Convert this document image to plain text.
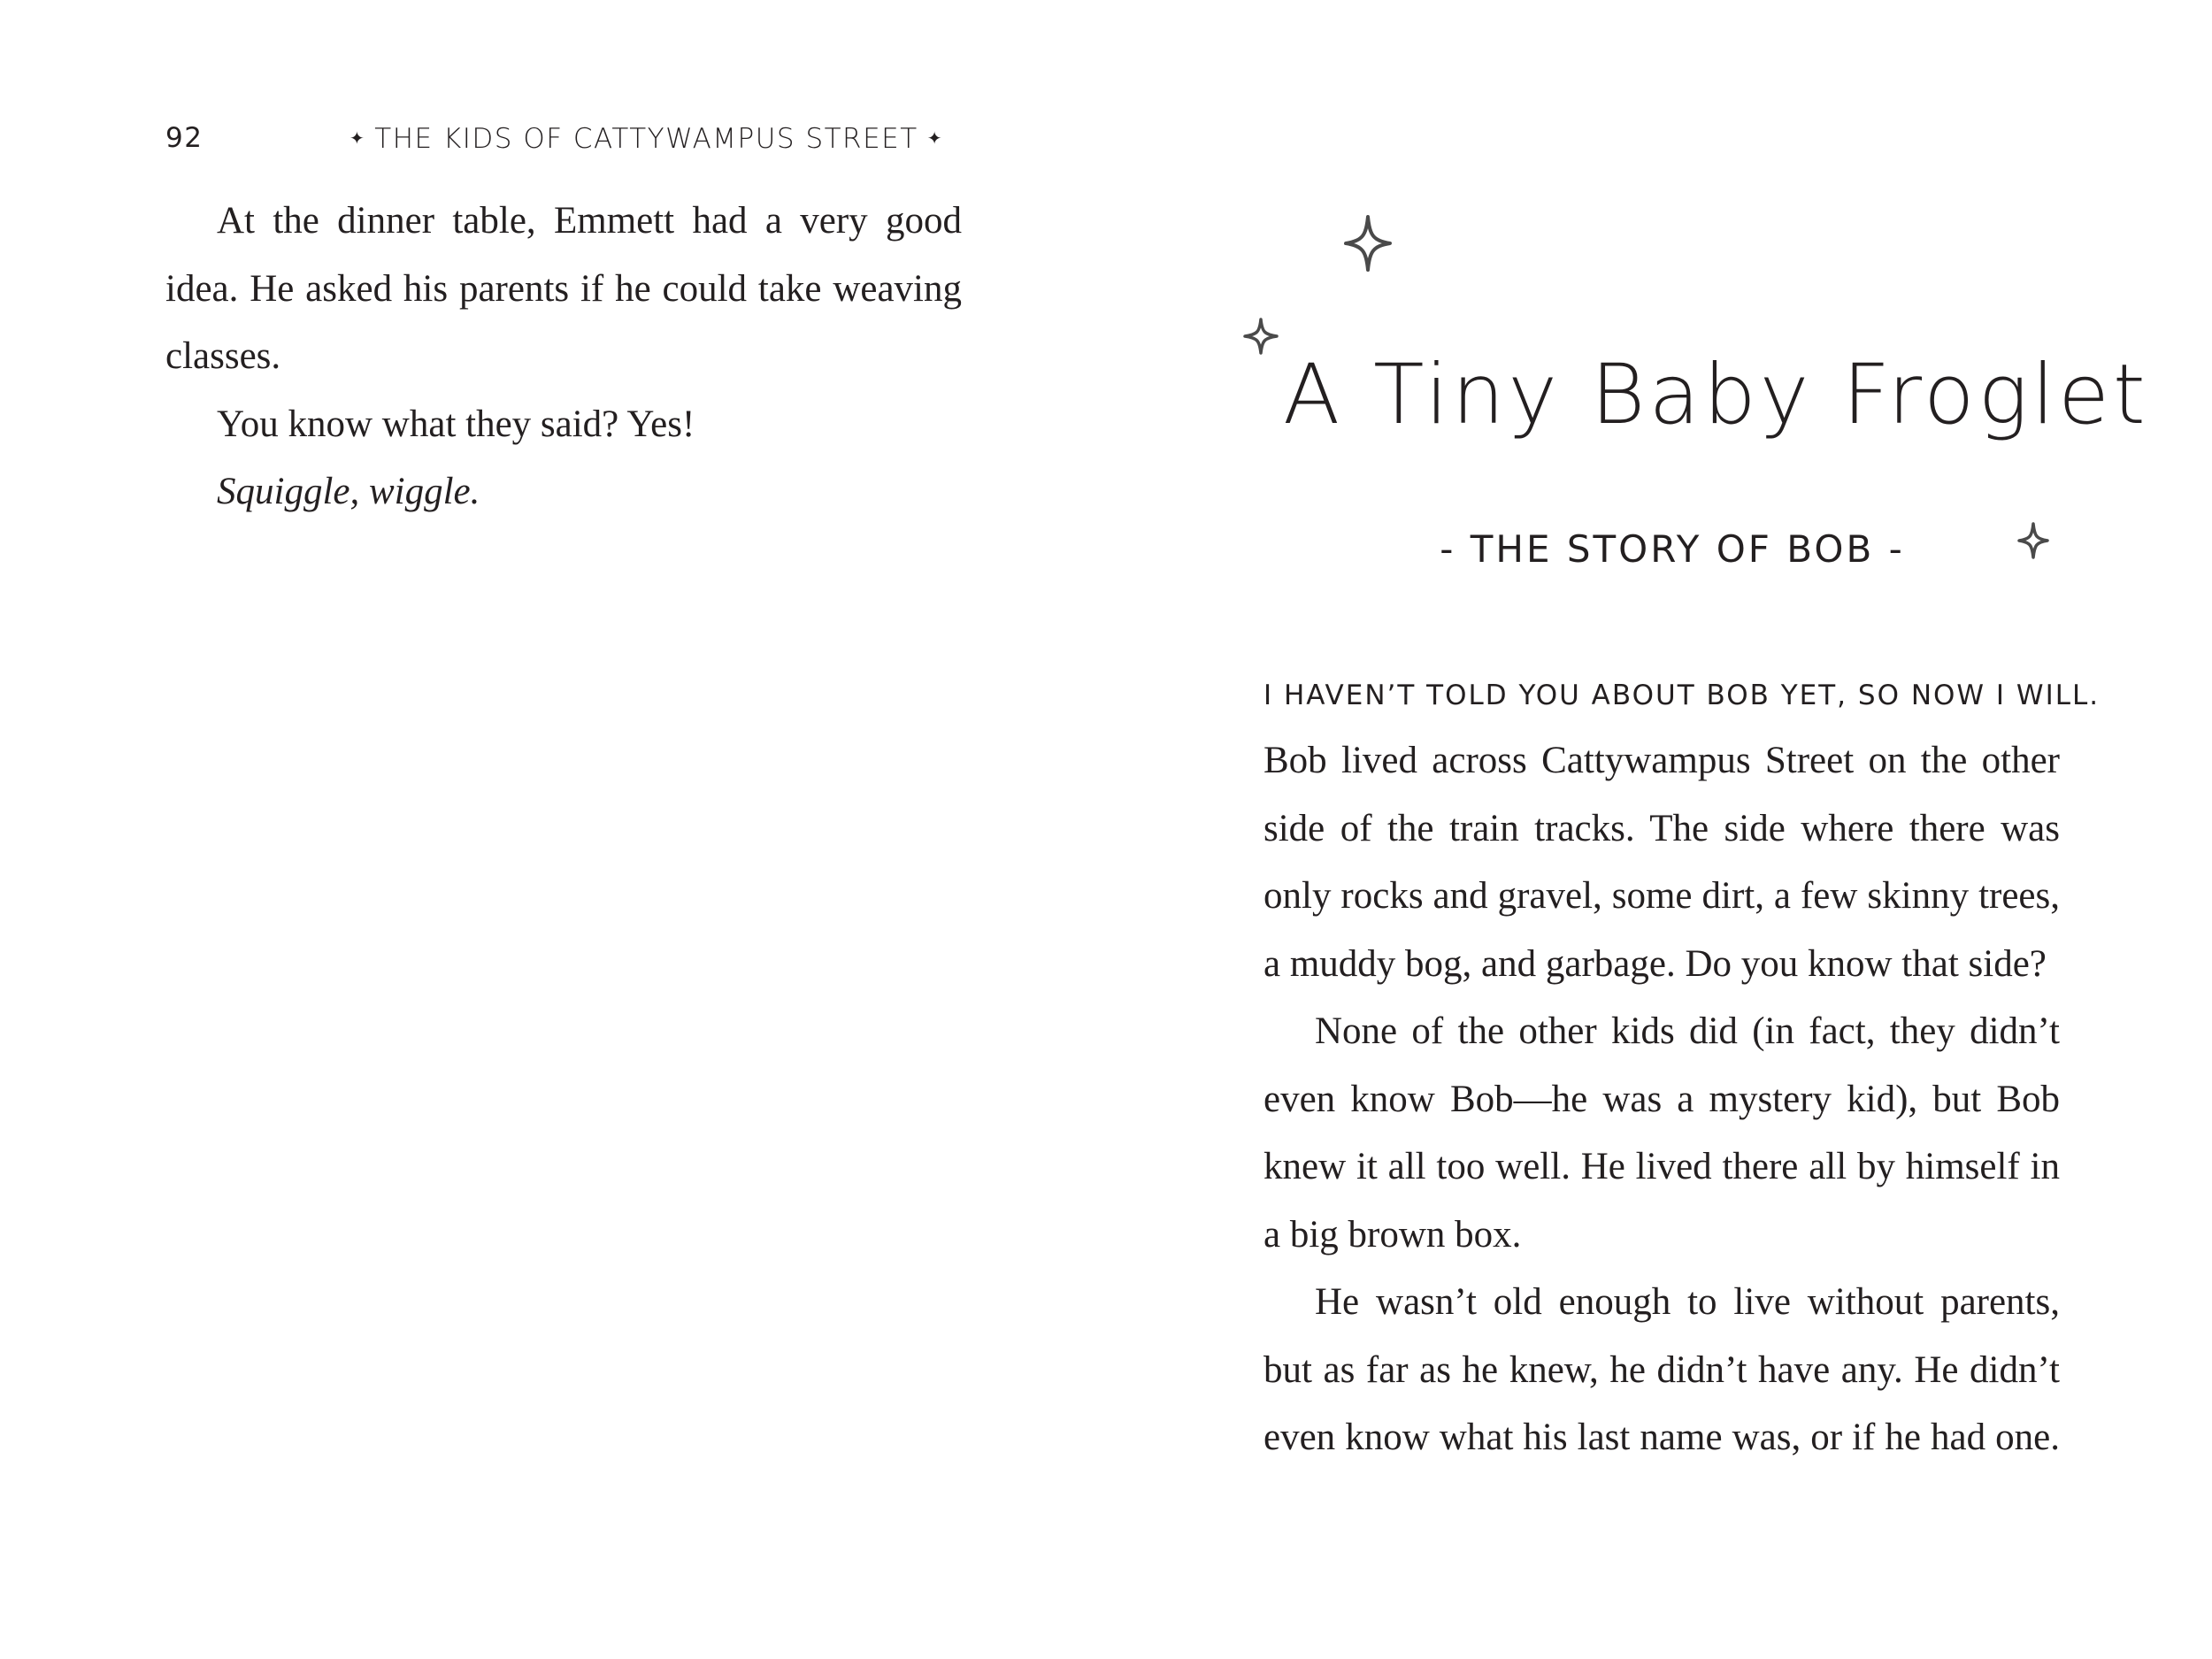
92	✦ THE KIDS OF CATTYWAMPUS STREET ✦

At the dinner table, Emmett had a very good idea. He asked his parents if he could take weaving classes.

You know what they said? Yes!

Squiggle, wiggle.

A Tiny Baby Froglet
- THE STORY OF BOB -
I HAVEN’T TOLD YOU ABOUT BOB YET, SO NOW I WILL.

Bob lived across Cattywampus Street on the other side of the train tracks. The side where there was only rocks and gravel, some dirt, a few skinny trees, a muddy bog, and garbage. Do you know that side?

None of the other kids did (in fact, they didn’t even know Bob—he was a mystery kid), but Bob knew it all too well. He lived there all by himself in a big brown box.

He wasn’t old enough to live without parents, but as far as he knew, he didn’t have any. He didn’t even know what his last name was, or if he had one.
